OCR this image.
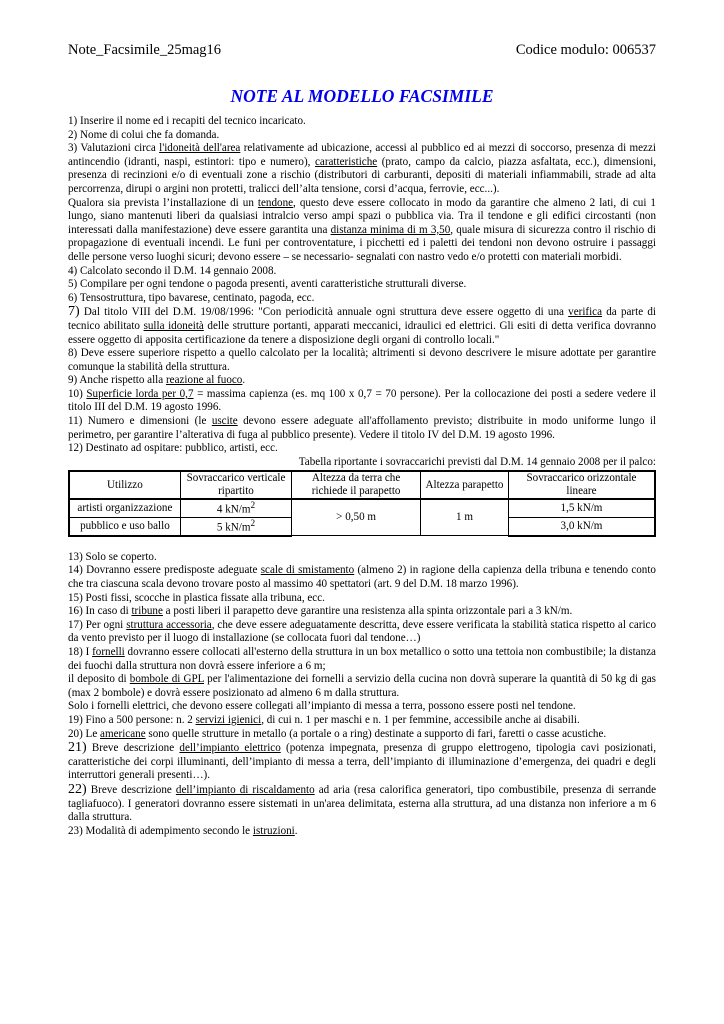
Note_Facsimile_25mag16	Codice modulo: 006537
NOTE AL MODELLO FACSIMILE

1) Inserire il nome ed i recapiti del tecnico incaricato.

2) Nome di colui che fa domanda.

3) Valutazioni circa l'idoneità dell'area relativamente ad ubicazione, accessi al pubblico ed ai mezzi di soccorso, presenza di mezzi antincendio (idranti, naspi, estintori: tipo e numero), caratteristiche (prato, campo da calcio, piazza asfaltata, ecc.), dimensioni, presenza di recinzioni e/o di eventuali zone a rischio (distributori di carburanti, depositi di materiali infiammabili, strade ad alta percorrenza, dirupi o argini non protetti, tralicci dell’alta tensione, corsi d’acqua, ferrovie, ecc...).

Qualora sia prevista l’installazione di un tendone, questo deve essere collocato in modo da garantire che almeno 2 lati, di cui 1 lungo, siano mantenuti liberi da qualsiasi intralcio verso ampi spazi o pubblica via. Tra il tendone e gli edifici circostanti (non interessati dalla manifestazione) deve essere garantita una distanza minima di m 3,50, quale misura di sicurezza contro il rischio di propagazione di eventuali incendi. Le funi per controventature, i picchetti ed i paletti dei tendoni non devono ostruire i passaggi delle persone verso luoghi sicuri; devono essere – se necessario- segnalati con nastro vedo e/o protetti con materiali morbidi.

4) Calcolato secondo il D.M. 14 gennaio 2008.

5) Compilare per ogni tendone o pagoda presenti, aventi caratteristiche strutturali diverse.

6) Tensostruttura, tipo bavarese, centinato, pagoda, ecc.

7) Dal titolo VIII del D.M. 19/08/1996: "Con periodicità annuale ogni struttura deve essere oggetto di una verifica da parte di tecnico abilitato sulla idoneità delle strutture portanti, apparati meccanici, idraulici ed elettrici. Gli esiti di detta verifica dovranno essere oggetto di apposita certificazione da tenere a disposizione degli organi di controllo locali."

8) Deve essere superiore rispetto a quello calcolato per la località; altrimenti si devono descrivere le misure adottate per garantire comunque la stabilità della struttura.

9) Anche rispetto alla reazione al fuoco.

10) Superficie lorda per 0,7 = massima capienza (es. mq 100 x 0,7 = 70 persone). Per la collocazione dei posti a sedere vedere il titolo III del D.M. 19 agosto 1996.

11) Numero e dimensioni (le uscite devono essere adeguate all'affollamento previsto; distribuite in modo uniforme lungo il perimetro, per garantire l’alterativa di fuga al pubblico presente). Vedere il titolo IV del D.M. 19 agosto 1996.

12) Destinato ad ospitare: pubblico, artisti, ecc.

Tabella riportante i sovraccarichi previsti dal D.M. 14 gennaio 2008 per il palco:
Utilizzo	Sovraccarico verticale ripartito	Altezza da terra che richiede il parapetto	Altezza parapetto	Sovraccarico orizzontale lineare
artisti organizzazione	4 $kN/m^2$	> 0,50 m	1 m	1,5 kN/m
pubblico e uso ballo	5 $kN/m^2$			3,0 kN/m

13) Solo se coperto.

14) Dovranno essere predisposte adeguate scale di smistamento (almeno 2) in ragione della capienza della tribuna e tenendo conto che tra ciascuna scala devono trovare posto al massimo 40 spettatori (art. 9 del D.M. 18 marzo 1996).

15) Posti fissi, scocche in plastica fissate alla tribuna, ecc.

16) In caso di tribune a posti liberi il parapetto deve garantire una resistenza alla spinta orizzontale pari a 3 kN/m.

17) Per ogni struttura accessoria, che deve essere adeguatamente descritta, deve essere verificata la stabilità statica rispetto al carico da vento previsto per il luogo di installazione (se collocata fuori dal tendone…)

18) I fornelli dovranno essere collocati all'esterno della struttura in un box metallico o sotto una tettoia non combustibile; la distanza dei fuochi dalla struttura non dovrà essere inferiore a 6 m;

il deposito di bombole di GPL per l'alimentazione dei fornelli a servizio della cucina non dovrà superare la quantità di 50 kg di gas (max 2 bombole) e dovrà essere posizionato ad almeno 6 m dalla struttura.

Solo i fornelli elettrici, che devono essere collegati all’impianto di messa a terra, possono essere posti nel tendone.

19) Fino a 500 persone: n. 2 servizi igienici, di cui n. 1 per maschi e n. 1 per femmine, accessibile anche ai disabili.

20) Le americane sono quelle strutture in metallo (a portale o a ring) destinate a supporto di fari, faretti o casse acustiche.

21) Breve descrizione dell’impianto elettrico (potenza impegnata, presenza di gruppo elettrogeno, tipologia cavi posizionati, caratteristiche dei corpi illuminanti, dell’impianto di messa a terra, dell’impianto di illuminazione d’emergenza, dei quadri e degli interruttori generali presenti…).

22) Breve descrizione dell’impianto di riscaldamento ad aria (resa calorifica generatori, tipo combustibile, presenza di serrande tagliafuoco). I generatori dovranno essere sistemati in un'area delimitata, esterna alla struttura, ad una distanza non inferiore a m 6 dalla struttura.

23) Modalità di adempimento secondo le istruzioni.
